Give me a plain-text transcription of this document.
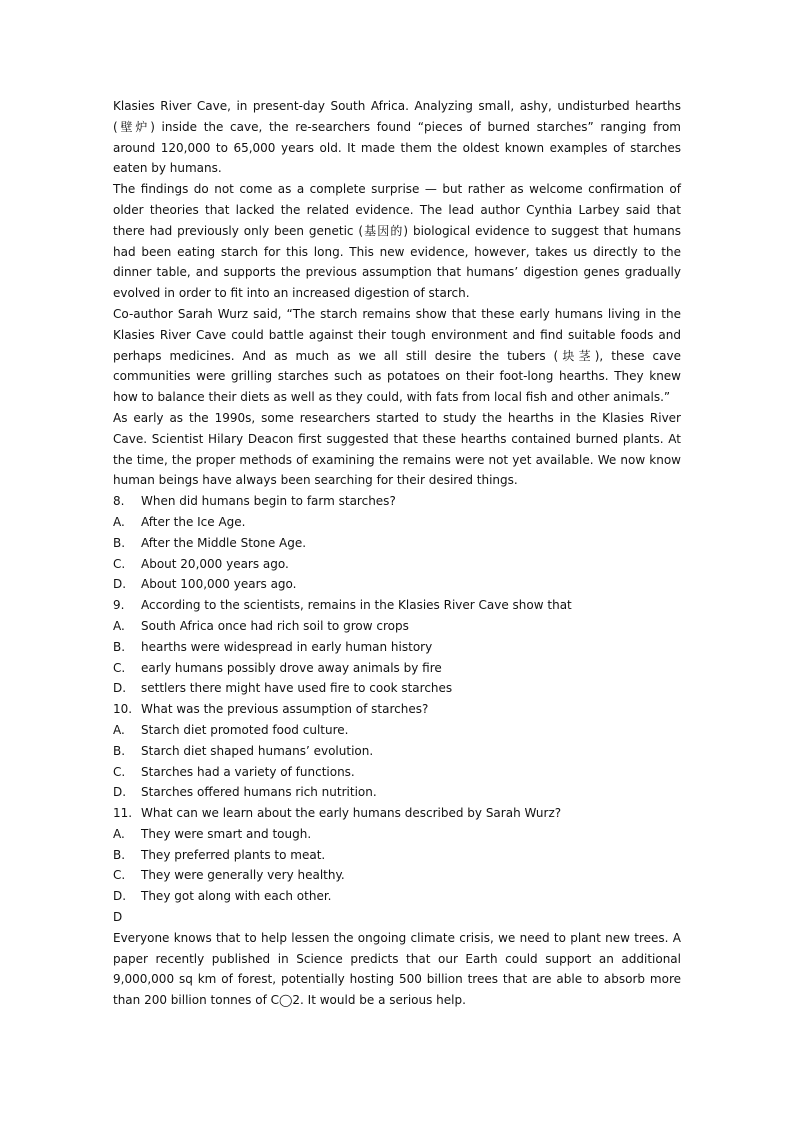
Klasies River Cave, in present-day South Africa. Analyzing small, ashy, undisturbed hearths (壁炉) inside the cave, the re-searchers found “pieces of burned starches” ranging from around 120,000 to 65,000 years old. It made them the oldest known examples of starches eaten by humans.

The findings do not come as a complete surprise — but rather as welcome confirmation of older theories that lacked the related evidence. The lead author Cynthia Larbey said that there had previously only been genetic (基因的) biological evidence to suggest that humans had been eating starch for this long. This new evidence, however, takes us directly to the dinner table, and supports the previous assumption that humans’ digestion genes gradually evolved in order to fit into an increased digestion of starch.

Co-author Sarah Wurz said, “The starch remains show that these early humans living in the Klasies River Cave could battle against their tough environment and find suitable foods and perhaps medicines. And as much as we all still desire the tubers (块茎), these cave communities were grilling starches such as potatoes on their foot-long hearths. They knew how to balance their diets as well as they could, with fats from local fish and other animals.”

As early as the 1990s, some researchers started to study the hearths in the Klasies River Cave. Scientist Hilary Deacon first suggested that these hearths contained burned plants. At the time, the proper methods of examining the remains were not yet available. We now know human beings have always been searching for their desired things.

8.	When did humans begin to farm starches?

A.	After the Ice Age.

B.	After the Middle Stone Age.

C.	About 20,000 years ago.

D.	About 100,000 years ago.

9.	According to the scientists, remains in the Klasies River Cave show that

A.	South Africa once had rich soil to grow crops

B.	hearths were widespread in early human history

C.	early humans possibly drove away animals by fire

D.	settlers there might have used fire to cook starches

10. What was the previous assumption of starches?

A.	Starch diet promoted food culture.

B.	Starch diet shaped humans’ evolution.

C.	Starches had a variety of functions.

D.	Starches offered humans rich nutrition.

11. What can we learn about the early humans described by Sarah Wurz?

A.	They were smart and tough.

B.	They preferred plants to meat.

C.	They were generally very healthy.

D.	They got along with each other.

D

Everyone knows that to help lessen the ongoing climate crisis, we need to plant new trees. A paper recently published in Science predicts that our Earth could support an additional 9,000,000 sq km of forest, potentially hosting 500 billion trees that are able to absorb more than 200 billion tonnes of C◯2. It would be a serious help.
